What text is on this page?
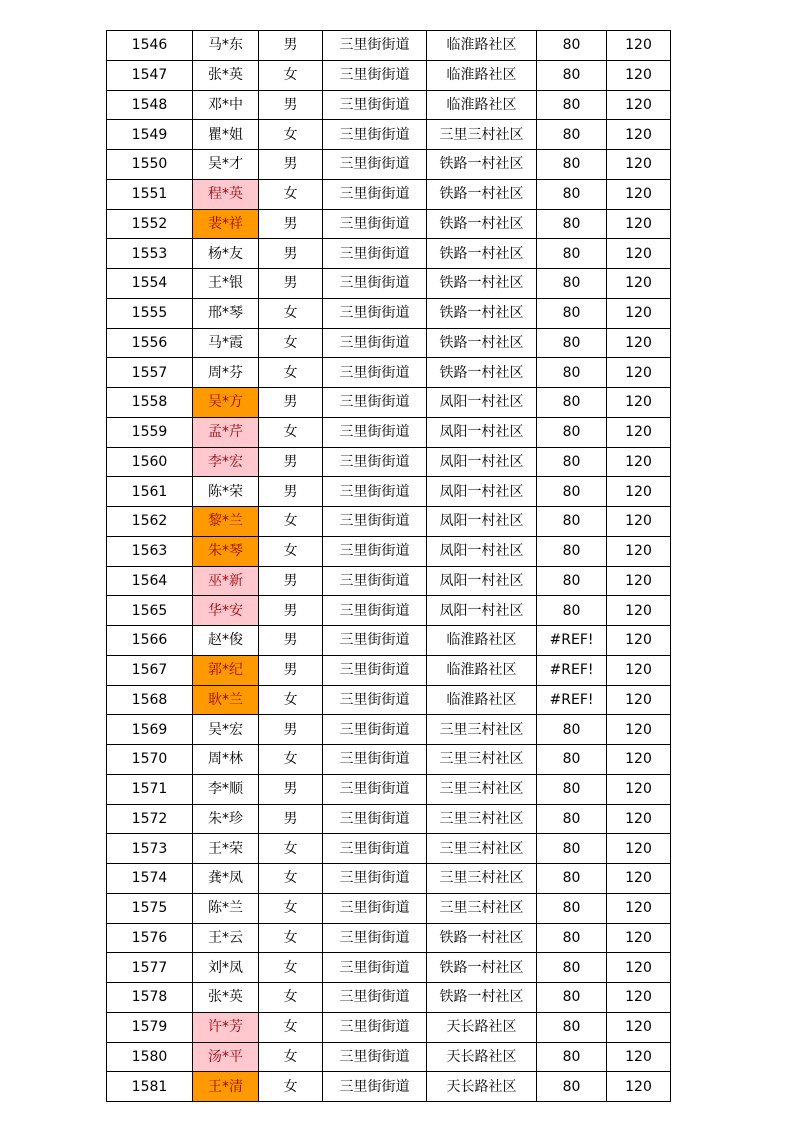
1546	马*东	男	三里街街道	临淮路社区	80	120
1547	张*英	女	三里街街道	临淮路社区	80	120
1548	邓*中	男	三里街街道	临淮路社区	80	120
1549	瞿*姐	女	三里街街道	三里三村社区	80	120
1550	吴*才	男	三里街街道	铁路一村社区	80	120
1551	程*英	女	三里街街道	铁路一村社区	80	120
1552	裴*祥	男	三里街街道	铁路一村社区	80	120
1553	杨*友	男	三里街街道	铁路一村社区	80	120
1554	王*银	男	三里街街道	铁路一村社区	80	120
1555	邢*琴	女	三里街街道	铁路一村社区	80	120
1556	马*霞	女	三里街街道	铁路一村社区	80	120
1557	周*芬	女	三里街街道	铁路一村社区	80	120
1558	吴*方	男	三里街街道	凤阳一村社区	80	120
1559	孟*芹	女	三里街街道	凤阳一村社区	80	120
1560	李*宏	男	三里街街道	凤阳一村社区	80	120
1561	陈*荣	男	三里街街道	凤阳一村社区	80	120
1562	黎*兰	女	三里街街道	凤阳一村社区	80	120
1563	朱*琴	女	三里街街道	凤阳一村社区	80	120
1564	巫*新	男	三里街街道	凤阳一村社区	80	120
1565	华*安	男	三里街街道	凤阳一村社区	80	120
1566	赵*俊	男	三里街街道	临淮路社区	#REF!	120
1567	郭*纪	男	三里街街道	临淮路社区	#REF!	120
1568	耿*兰	女	三里街街道	临淮路社区	#REF!	120
1569	吴*宏	男	三里街街道	三里三村社区	80	120
1570	周*林	女	三里街街道	三里三村社区	80	120
1571	李*顺	男	三里街街道	三里三村社区	80	120
1572	朱*珍	男	三里街街道	三里三村社区	80	120
1573	王*荣	女	三里街街道	三里三村社区	80	120
1574	龚*凤	女	三里街街道	三里三村社区	80	120
1575	陈*兰	女	三里街街道	三里三村社区	80	120
1576	王*云	女	三里街街道	铁路一村社区	80	120
1577	刘*凤	女	三里街街道	铁路一村社区	80	120
1578	张*英	女	三里街街道	铁路一村社区	80	120
1579	许*芳	女	三里街街道	天长路社区	80	120
1580	汤*平	女	三里街街道	天长路社区	80	120
1581	王*清	女	三里街街道	天长路社区	80	120
